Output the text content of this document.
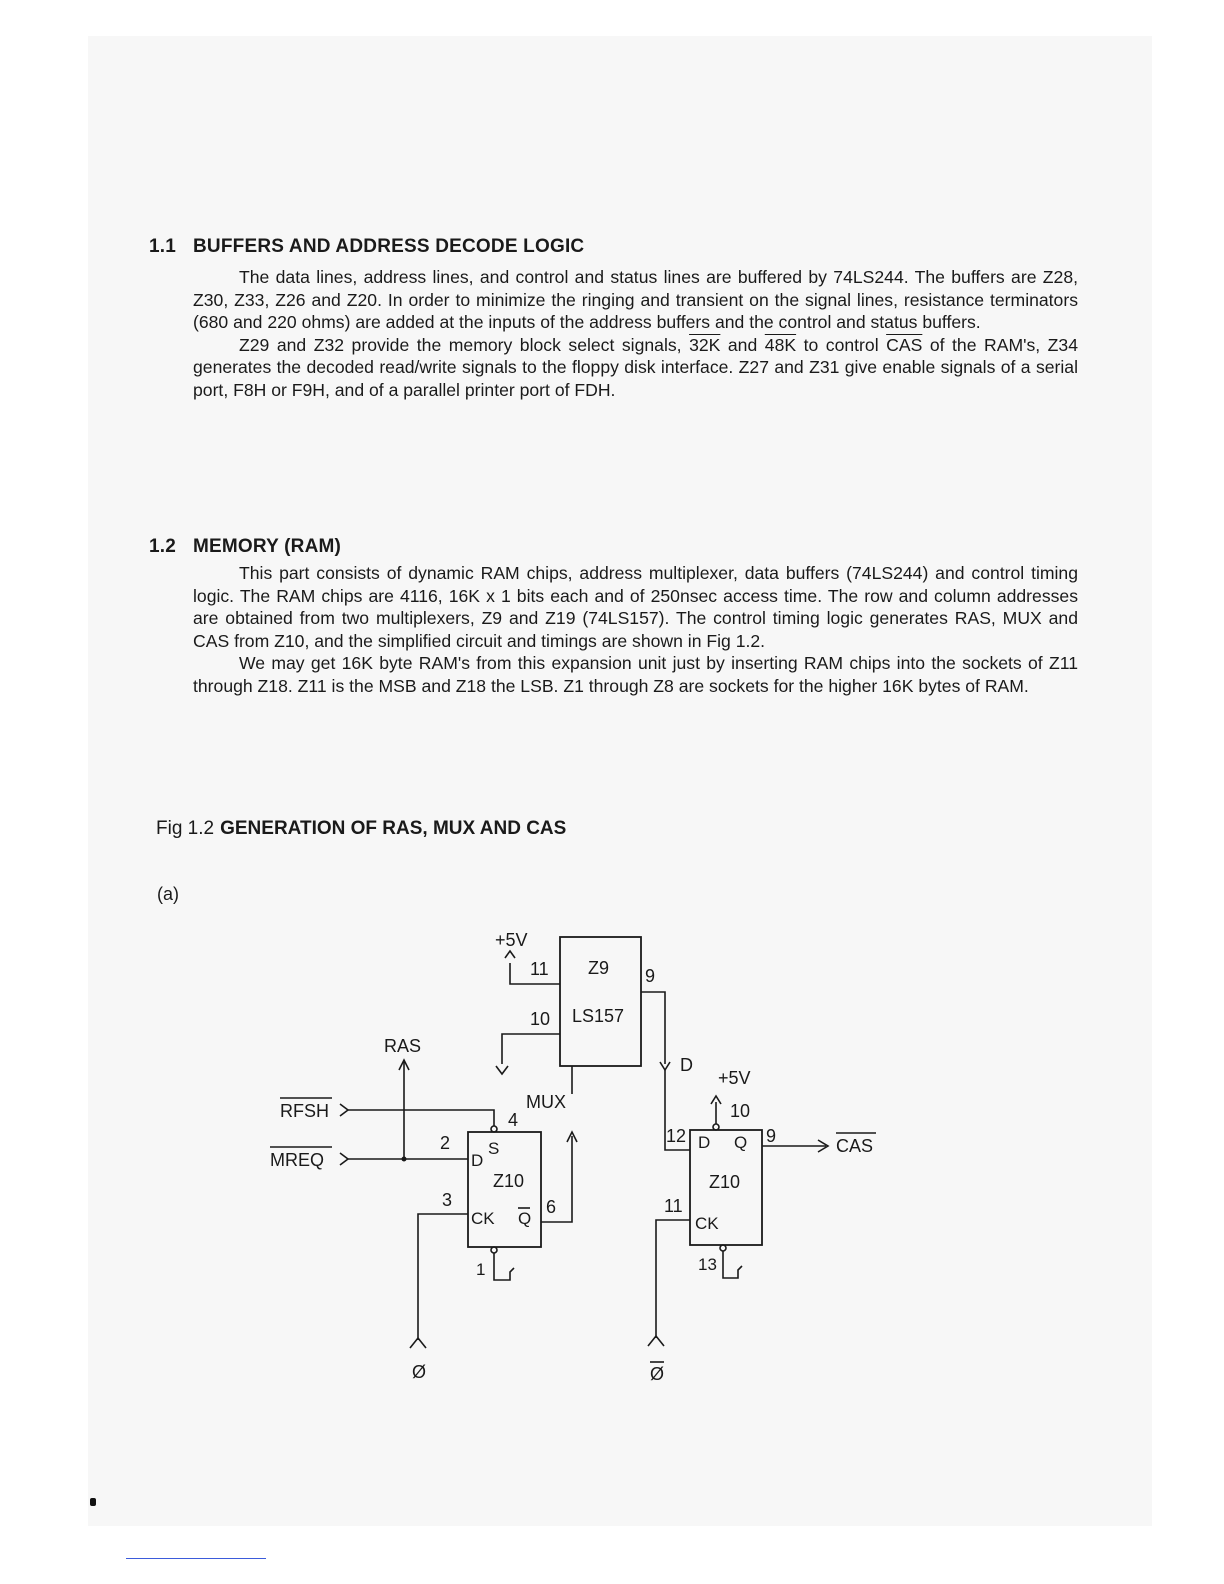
1.1 BUFFERS AND ADDRESS DECODE LOGIC

The data lines, address lines, and control and status lines are buffered by 74LS244. The buffers are Z28, Z30, Z33, Z26 and Z20. In order to minimize the ringing and transient on the signal lines, resistance terminators (680 and 220 ohms) are added at the inputs of the address buffers and the control and status buffers.

Z29 and Z32 provide the memory block select signals, 32K and 48K to control $\overline{CAS}$ of the RAM's, Z34 generates the decoded read/write signals to the floppy disk interface. Z27 and Z31 give enable signals of a serial port, F8H or F9H, and of a parallel printer port of FDH.

1.2 MEMORY (RAM)

This part consists of dynamic RAM chips, address multiplexer, data buffers (74LS244) and control timing logic. The RAM chips are 4116, 16K x 1 bits each and of 250nsec access time. The row and column addresses are obtained from two multiplexers, Z9 and Z19 (74LS157). The control timing logic generates RAS, MUX and CAS from Z10, and the simplified circuit and timings are shown in Fig 1.2.

We may get 16K byte RAM's from this expansion unit just by inserting RAM chips into the sockets of Z11 through Z18. Z11 is the MSB and Z18 the LSB. Z1 through Z8 are sockets for the higher 16K bytes of RAM.

Fig 1.2 GENERATION OF RAS, MUX AND CAS
(a)
+5V
11 Z9 9
10 LS157
D
RAS
RFSH	4
MREQ
2 S
D
Z10
CK Q
3	6
MUX
1
Ø
+5V
10
12 D Q 9
Z10
CK
CAS
11
Ø
13
